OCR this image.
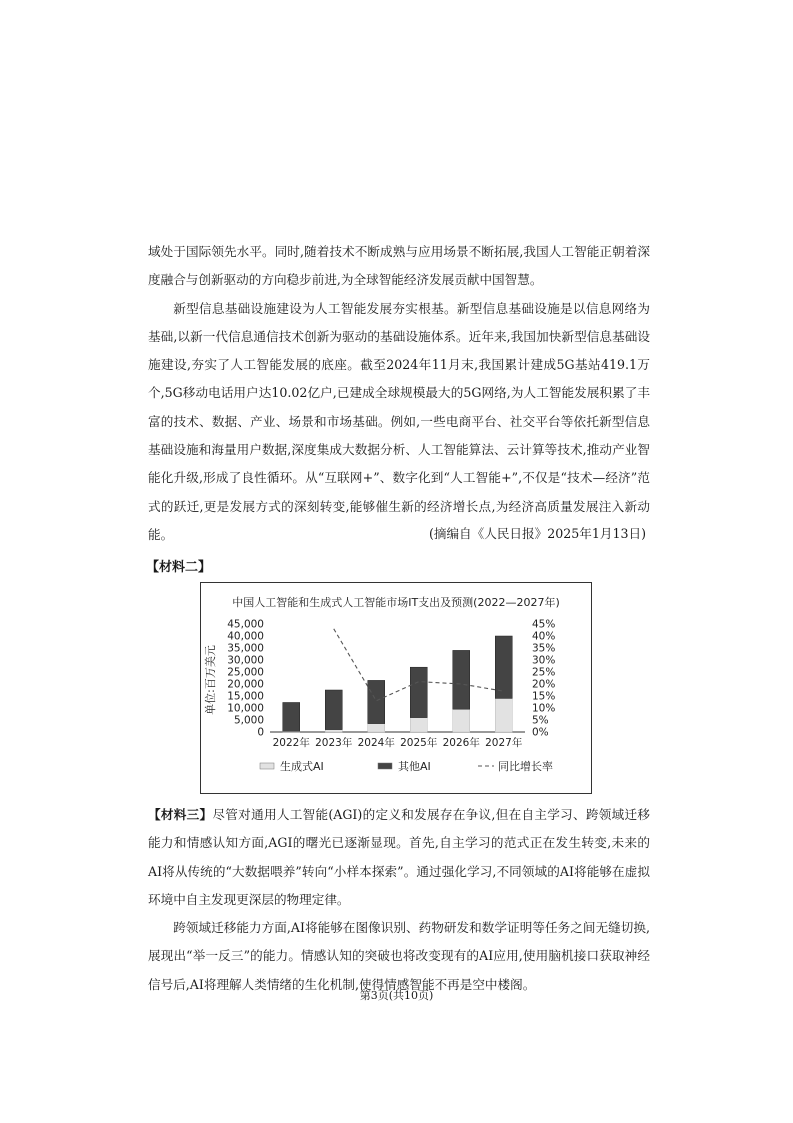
域处于国际领先水平。同时,随着技术不断成熟与应用场景不断拓展,我国人工智能正朝着深度融合与创新驱动的方向稳步前进,为全球智能经济发展贡献中国智慧。

新型信息基础设施建设为人工智能发展夯实根基。新型信息基础设施是以信息网络为基础,以新一代信息通信技术创新为驱动的基础设施体系。近年来,我国加快新型信息基础设施建设,夯实了人工智能发展的底座。截至2024年11月末,我国累计建成5G基站419.1万个,5G移动电话用户达10.02亿户,已建成全球规模最大的5G网络,为人工智能发展积累了丰富的技术、数据、产业、场景和市场基础。例如,一些电商平台、社交平台等依托新型信息基础设施和海量用户数据,深度集成大数据分析、人工智能算法、云计算等技术,推动产业智能化升级,形成了良性循环。从“互联网+”、数字化到“人工智能+”,不仅是“技术—经济”范式的跃迁,更是发展方式的深刻转变,能够催生新的经济增长点,为经济高质量发展注入新动能。	(摘编自《人民日报》2025年1月13日)
【材料二】
中国人工智能和生成式人工智能市场IT支出及预测(2022—2027年)
单位:百万美元
45,000
40,000
35,000
30,000
25,000
20,000
15,000
10,000
5,000
0
45%
40%
35%
30%
25%
20%
15%
10%
5%
0%
2022年 2023年 2024年 2025年 2026年 2027年
生成式AI	其他AI	同比增长率

【材料三】尽管对通用人工智能(AGI)的定义和发展存在争议,但在自主学习、跨领域迁移能力和情感认知方面,AGI的曙光已逐渐显现。首先,自主学习的范式正在发生转变,未来的AI将从传统的“大数据喂养”转向“小样本探索”。通过强化学习,不同领域的AI将能够在虚拟环境中自主发现更深层的物理定律。

跨领域迁移能力方面,AI将能够在图像识别、药物研发和数学证明等任务之间无缝切换,展现出“举一反三”的能力。情感认知的突破也将改变现有的AI应用,使用脑机接口获取神经信号后,AI将理解人类情绪的生化机制,使得情感智能不再是空中楼阁。

第3页(共10页)
